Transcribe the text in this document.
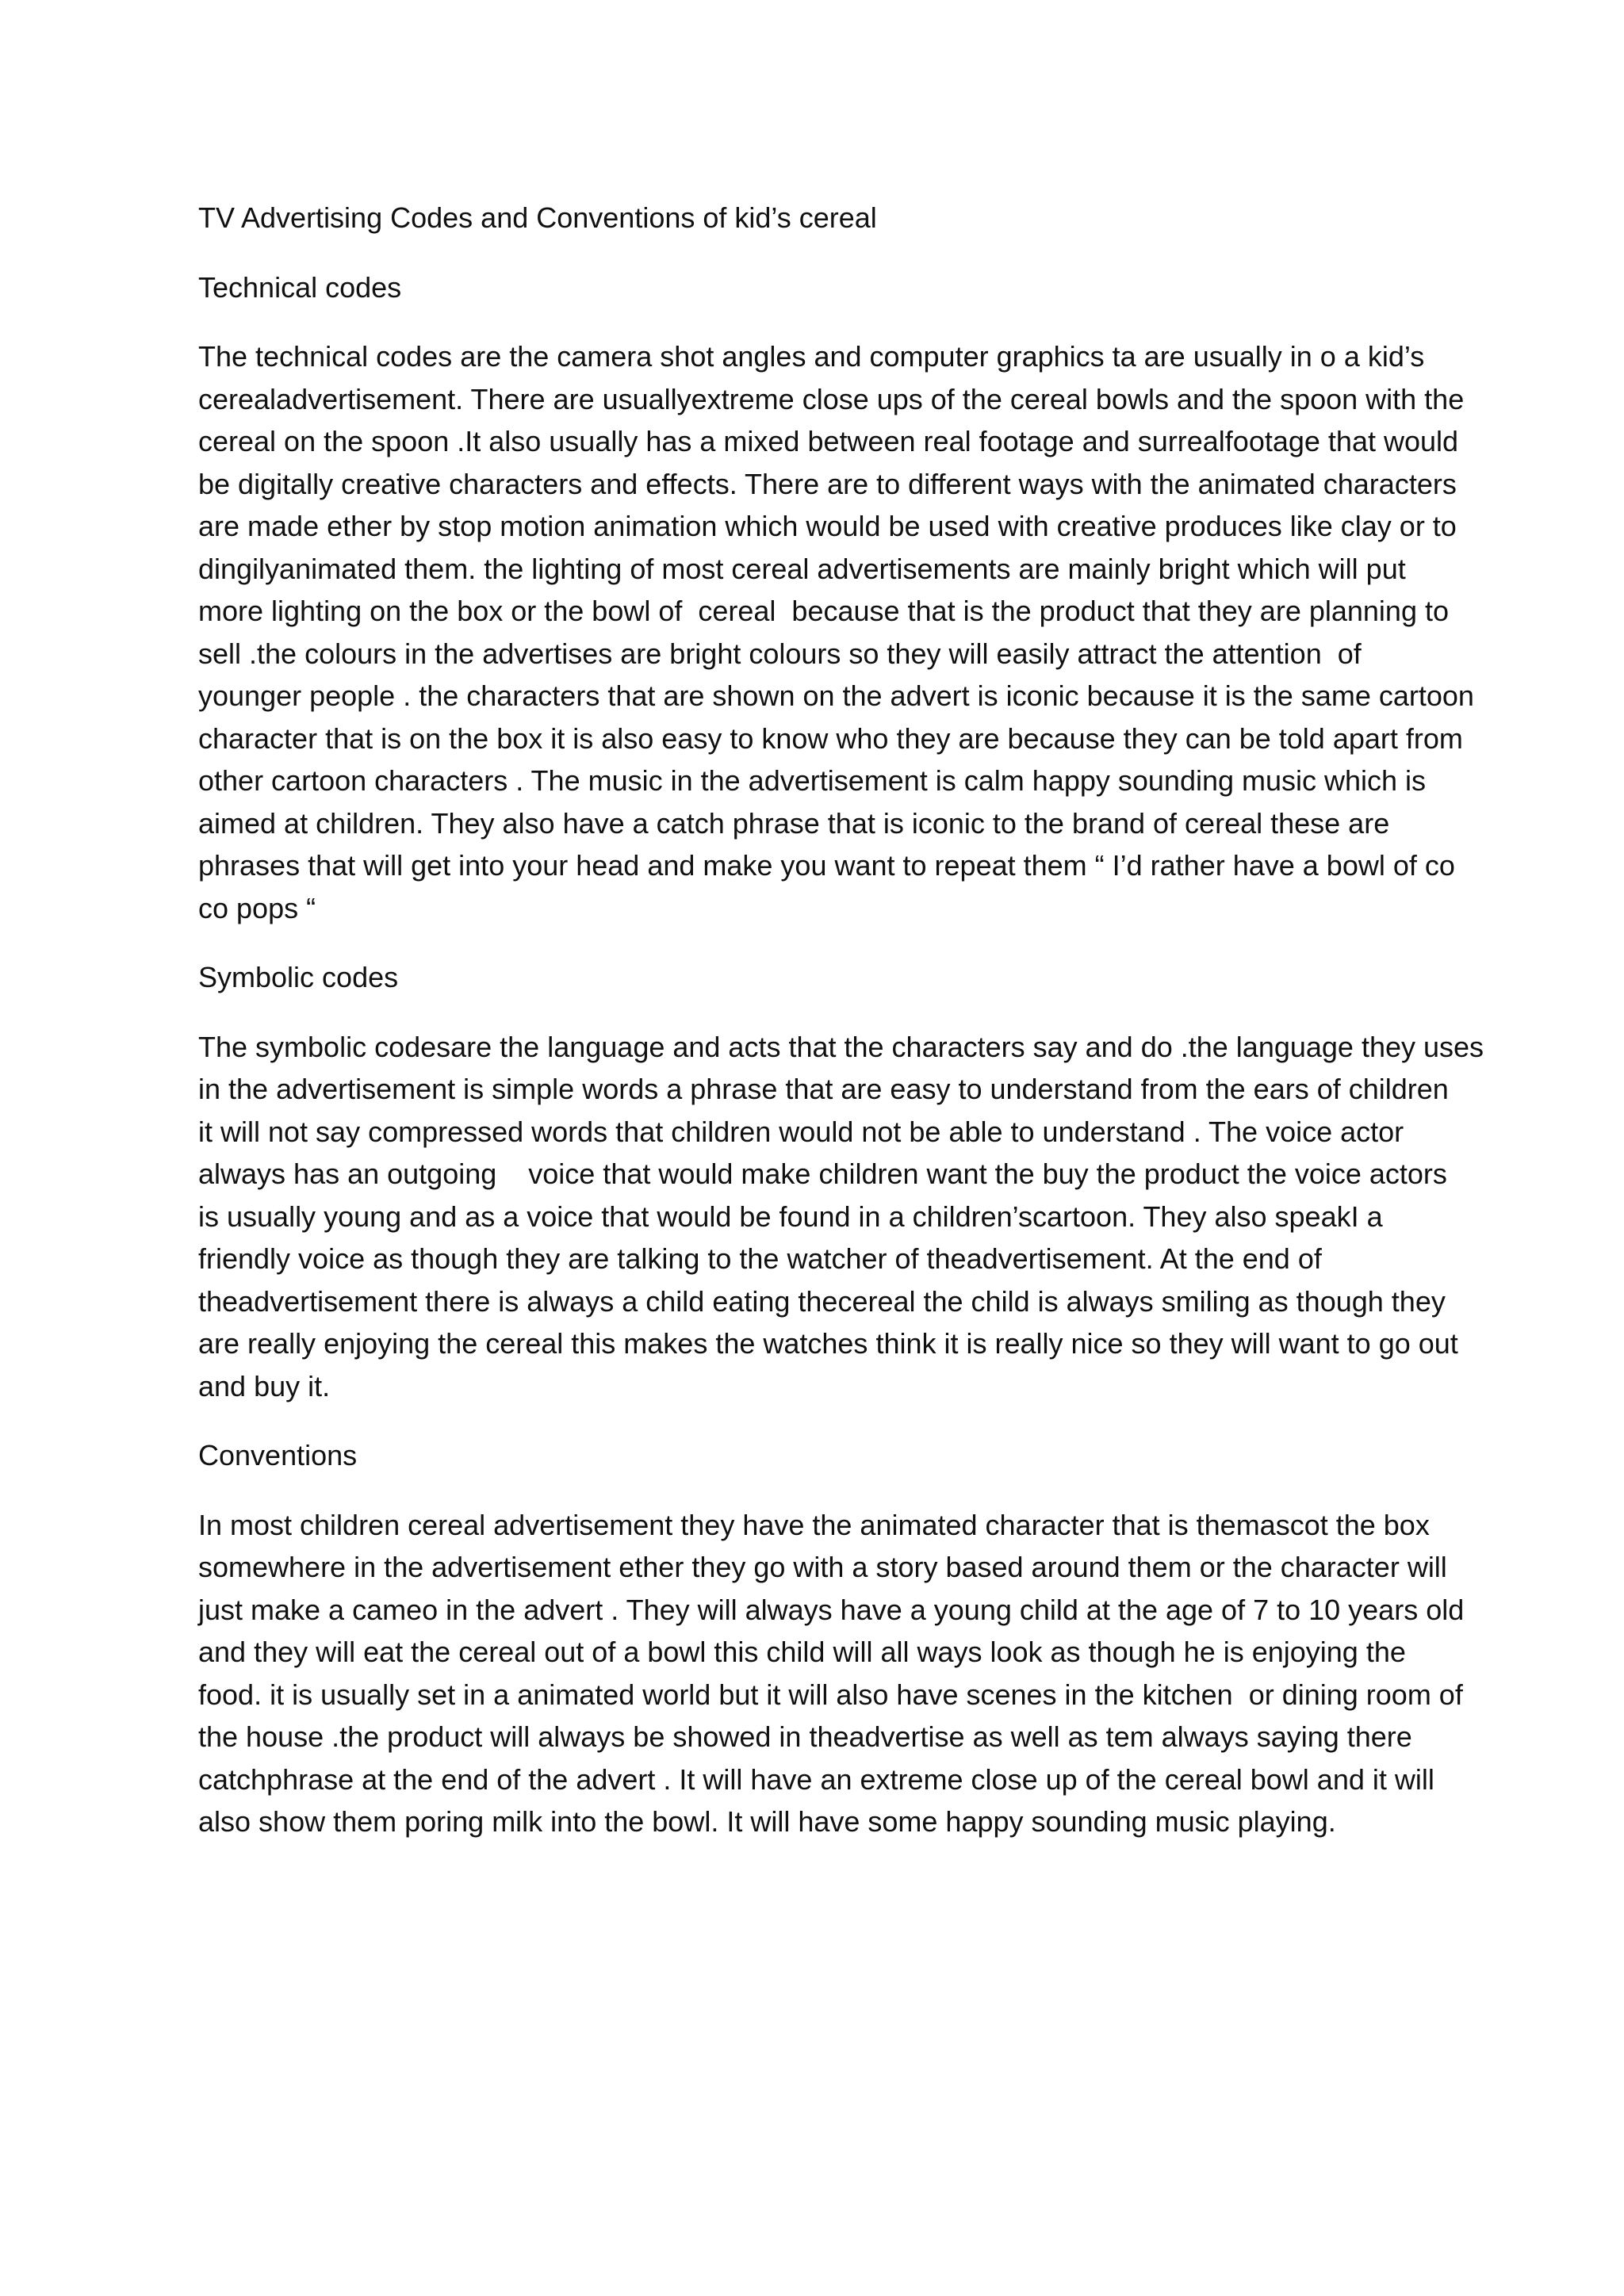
TV Advertising Codes and Conventions of kid’s cereal
Technical codes
The technical codes are the camera shot angles and computer graphics ta are usually in o a kid’s
cerealadvertisement. There are usuallyextreme close ups of the cereal bowls and the spoon with the
cereal on the spoon .It also usually has a mixed between real footage and surrealfootage that would
be digitally creative characters and effects. There are to different ways with the animated characters
are made ether by stop motion animation which would be used with creative produces like clay or to
dingilyanimated them. the lighting of most cereal advertisements are mainly bright which will put
more lighting on the box or the bowl of  cereal  because that is the product that they are planning to
sell .the colours in the advertises are bright colours so they will easily attract the attention  of
younger people . the characters that are shown on the advert is iconic because it is the same cartoon
character that is on the box it is also easy to know who they are because they can be told apart from
other cartoon characters . The music in the advertisement is calm happy sounding music which is
aimed at children. They also have a catch phrase that is iconic to the brand of cereal these are
phrases that will get into your head and make you want to repeat them “ I’d rather have a bowl of co
co pops “
Symbolic codes
The symbolic codesare the language and acts that the characters say and do .the language they uses
in the advertisement is simple words a phrase that are easy to understand from the ears of children
it will not say compressed words that children would not be able to understand . The voice actor
always has an outgoing    voice that would make children want the buy the product the voice actors
is usually young and as a voice that would be found in a children’scartoon. They also speakI a
friendly voice as though they are talking to the watcher of theadvertisement. At the end of
theadvertisement there is always a child eating thecereal the child is always smiling as though they
are really enjoying the cereal this makes the watches think it is really nice so they will want to go out
and buy it.
Conventions
In most children cereal advertisement they have the animated character that is themascot the box
somewhere in the advertisement ether they go with a story based around them or the character will
just make a cameo in the advert . They will always have a young child at the age of 7 to 10 years old
and they will eat the cereal out of a bowl this child will all ways look as though he is enjoying the
food. it is usually set in a animated world but it will also have scenes in the kitchen  or dining room of
the house .the product will always be showed in theadvertise as well as tem always saying there
catchphrase at the end of the advert . It will have an extreme close up of the cereal bowl and it will
also show them poring milk into the bowl. It will have some happy sounding music playing.
